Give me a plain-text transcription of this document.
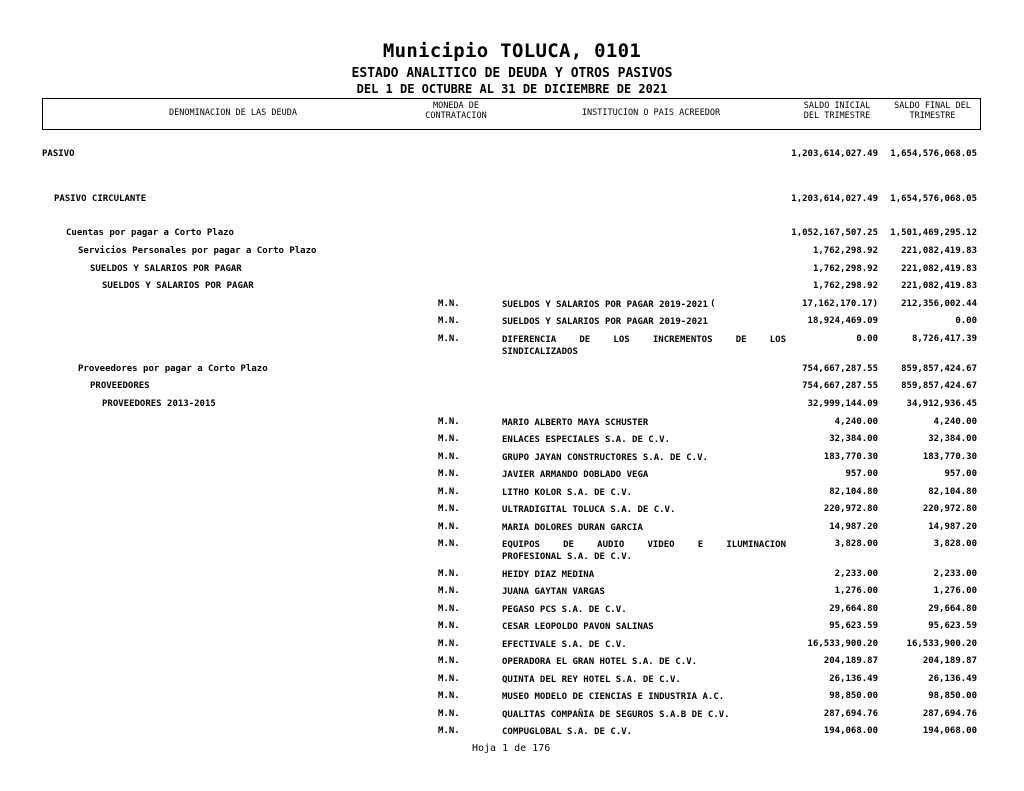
Municipio TOLUCA, 0101
ESTADO ANALITICO DE DEUDA Y OTROS PASIVOS
DEL 1 DE OCTUBRE AL 31 DE DICIEMBRE DE 2021
DENOMINACION DE LAS DEUDA
MONEDA DE
CONTRATACION	INSTITUCION O PAIS ACREEDOR
SALDO INICIAL
DEL TRIMESTRE
SALDO FINAL DEL
TRIMESTRE
PASIVO	1,203,614,027.49 1,654,576,068.05
PASIVO CIRCULANTE	1,203,614,027.49 1,654,576,068.05
Cuentas por pagar a Corto Plazo	1,052,167,507.25 1,501,469,295.12
Servicios Personales por pagar a Corto Plazo	1,762,298.92	221,082,419.83
SUELDOS Y SALARIOS POR PAGAR	1,762,298.92	221,082,419.83
SUELDOS Y SALARIOS POR PAGAR	1,762,298.92	221,082,419.83
M.N.	SUELDOS Y SALARIOS POR PAGAR 2019-2021 (	17,162,170.17)	212,356,002.44
M.N.	SUELDOS Y SALARIOS POR PAGAR 2019-2021	18,924,469.09	0.00
M.N.	DIFERENCIA DE LOS INCREMENTOS DE LOS
SINDICALIZADOS
0.00	8,726,417.39
Proveedores por pagar a Corto Plazo	754,667,287.55	859,857,424.67
PROVEEDORES	754,667,287.55	859,857,424.67
PROVEEDORES 2013-2015	32,999,144.09	34,912,936.45
M.N.	MARIO ALBERTO MAYA SCHUSTER	4,240.00	4,240.00
M.N.	ENLACES ESPECIALES S.A. DE C.V.	32,384.00	32,384.00
M.N.	GRUPO JAYAN CONSTRUCTORES S.A. DE C.V.	183,770.30	183,770.30
M.N.	JAVIER ARMANDO DOBLADO VEGA	957.00	957.00
M.N.	LITHO KOLOR S.A. DE C.V.	82,104.80	82,104.80
M.N.	ULTRADIGITAL TOLUCA S.A. DE C.V.	220,972.80	220,972.80
M.N.	MARIA DOLORES DURAN GARCIA	14,987.20	14,987.20
M.N.	EQUIPOS DE AUDIO VIDEO E ILUMINACION
PROFESIONAL S.A. DE C.V.
3,828.00	3,828.00
M.N.	HEIDY DIAZ MEDINA	2,233.00	2,233.00
M.N.	JUANA GAYTAN VARGAS	1,276.00	1,276.00
M.N.	PEGASO PCS S.A. DE C.V.	29,664.80	29,664.80
M.N.	CESAR LEOPOLDO PAVON SALINAS	95,623.59	95,623.59
M.N.	EFECTIVALE S.A. DE C.V.	16,533,900.20	16,533,900.20
M.N.	OPERADORA EL GRAN HOTEL S.A. DE C.V.	204,189.87	204,189.87
M.N.	QUINTA DEL REY HOTEL S.A. DE C.V.	26,136.49	26,136.49
M.N.	MUSEO MODELO DE CIENCIAS E INDUSTRIA A.C.	98,850.00	98,850.00
M.N.	QUALITAS COMPAÑIA DE SEGUROS S.A.B DE C.V.	287,694.76	287,694.76
M.N.	COMPUGLOBAL S.A. DE C.V.	194,068.00	194,068.00
Hoja 1 de 176
